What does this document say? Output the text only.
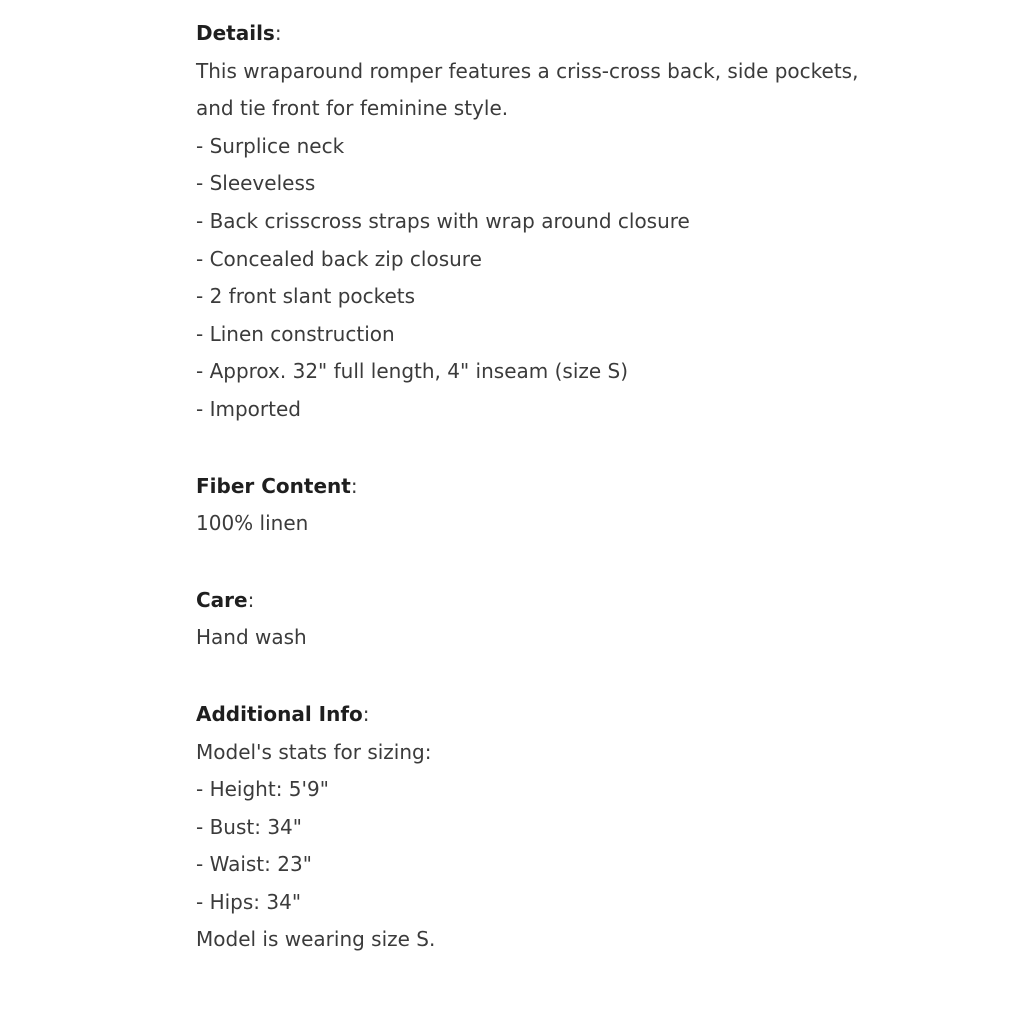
Details:

This wraparound romper features a criss-cross back, side pockets,

and tie front for feminine style.

- Surplice neck

- Sleeveless

- Back crisscross straps with wrap around closure

- Concealed back zip closure

- 2 front slant pockets

- Linen construction

- Approx. 32" full length, 4" inseam (size S)

- Imported

Fiber Content:

100% linen

Care:

Hand wash

Additional Info:

Model's stats for sizing:

- Height: 5'9"

- Bust: 34"

- Waist: 23"

- Hips: 34"

Model is wearing size S.
